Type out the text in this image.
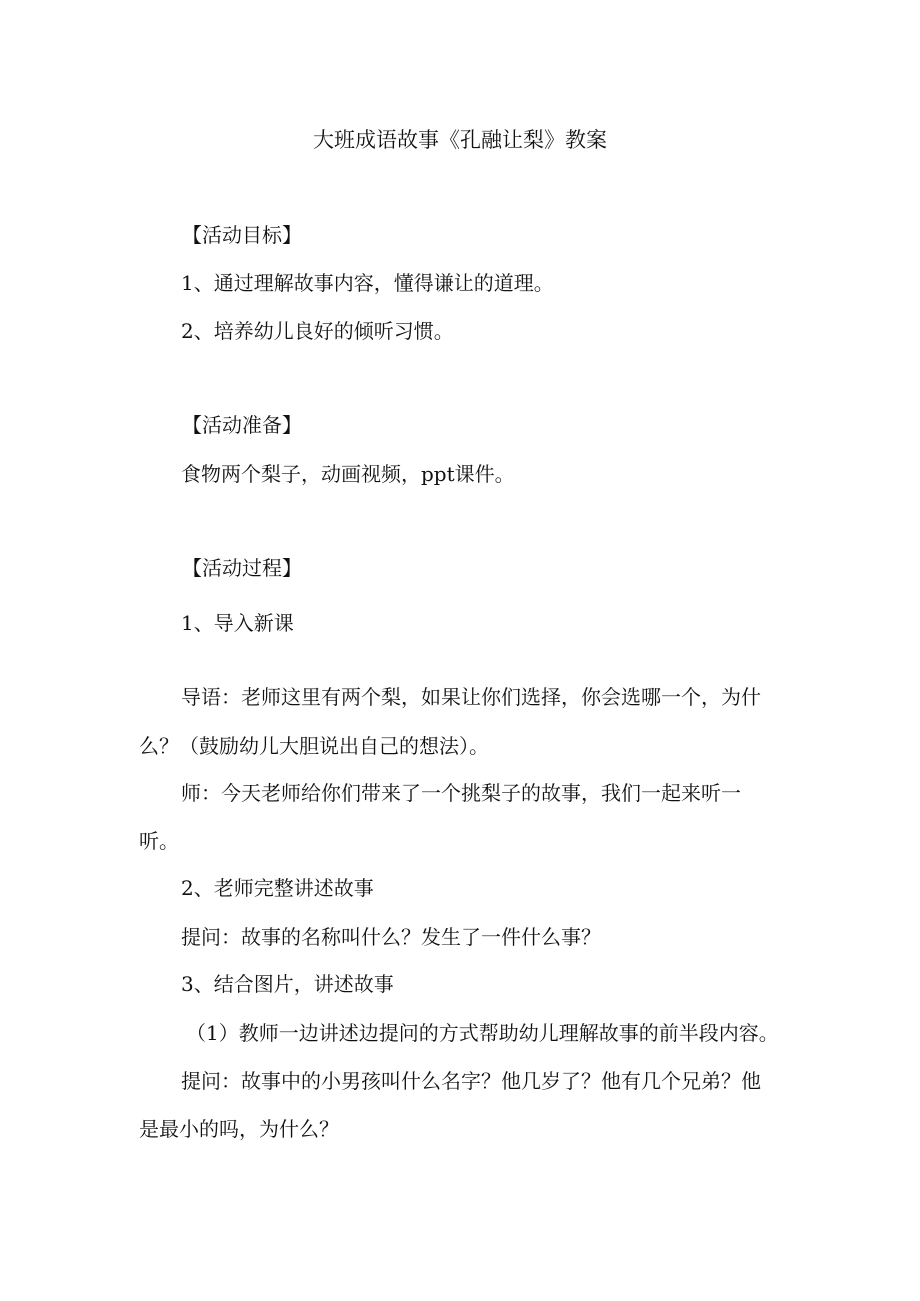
大班成语故事《孔融让梨》教案

【活动目标】

1、通过理解故事内容，懂得谦让的道理。

2、培养幼儿良好的倾听习惯。

【活动准备】

食物两个梨子，动画视频，ppt课件。

【活动过程】

1、导入新课

导语：老师这里有两个梨，如果让你们选择，你会选哪一个，为什

么？（鼓励幼儿大胆说出自己的想法）。

师：今天老师给你们带来了一个挑梨子的故事，我们一起来听一

听。

2、老师完整讲述故事

提问：故事的名称叫什么？发生了一件什么事？

3、结合图片，讲述故事

（1）教师一边讲述边提问的方式帮助幼儿理解故事的前半段内容。

提问：故事中的小男孩叫什么名字？他几岁了？他有几个兄弟？他

是最小的吗，为什么？
